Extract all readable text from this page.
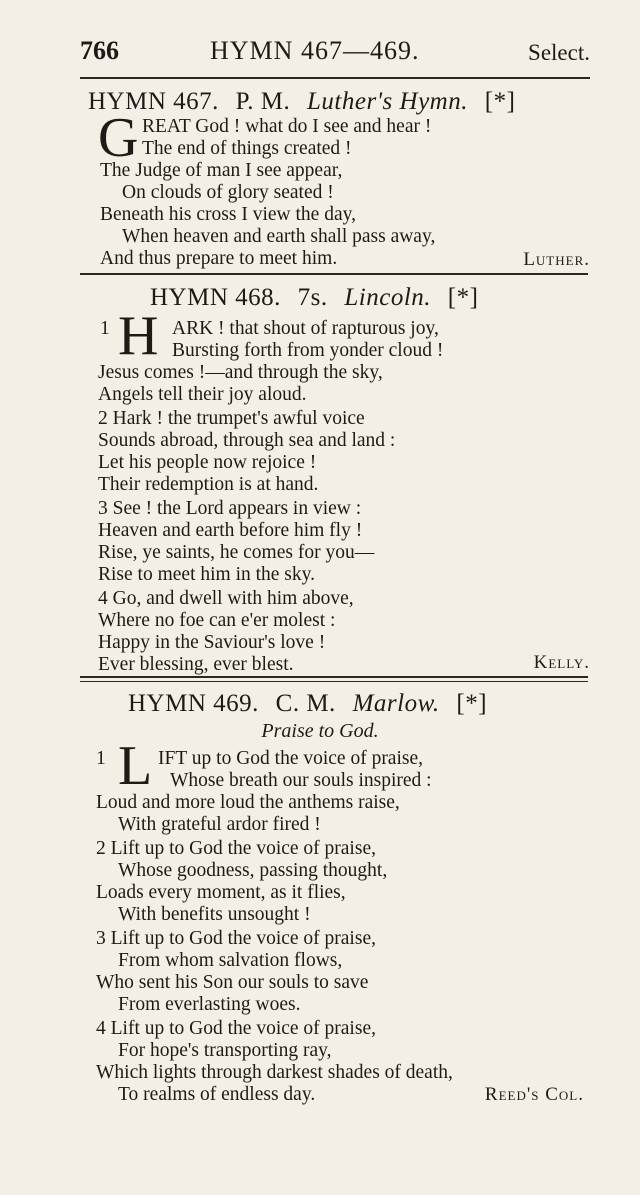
766	HYMN 467—469.	Select.
HYMN 467. P. M. Luther's Hymn. [*]
G REAT God ! what do I see and hear !
The end of things created !
The Judge of man I see appear,
On clouds of glory seated !
Beneath his cross I view the day,
When heaven and earth shall pass away,
And thus prepare to meet him.	Luther.
HYMN 468. 7s. Lincoln. [*]
1 H ARK ! that shout of rapturous joy,
Bursting forth from yonder cloud !
Jesus comes !—and through the sky,
Angels tell their joy aloud.
2 Hark ! the trumpet's awful voice
Sounds abroad, through sea and land :
Let his people now rejoice !
Their redemption is at hand.
3 See ! the Lord appears in view :
Heaven and earth before him fly !
Rise, ye saints, he comes for you—
Rise to meet him in the sky.
4 Go, and dwell with him above,
Where no foe can e'er molest :
Happy in the Saviour's love !
Ever blessing, ever blest.	Kelly.
HYMN 469. C. M. Marlow. [*]
Praise to God.
1 L IFT up to God the voice of praise,
Whose breath our souls inspired :
Loud and more loud the anthems raise,
With grateful ardor fired !
2 Lift up to God the voice of praise,
Whose goodness, passing thought,
Loads every moment, as it flies,
With benefits unsought !
3 Lift up to God the voice of praise,
From whom salvation flows,
Who sent his Son our souls to save
From everlasting woes.
4 Lift up to God the voice of praise,
For hope's transporting ray,
Which lights through darkest shades of death,
To realms of endless day.	Reed's Col.
